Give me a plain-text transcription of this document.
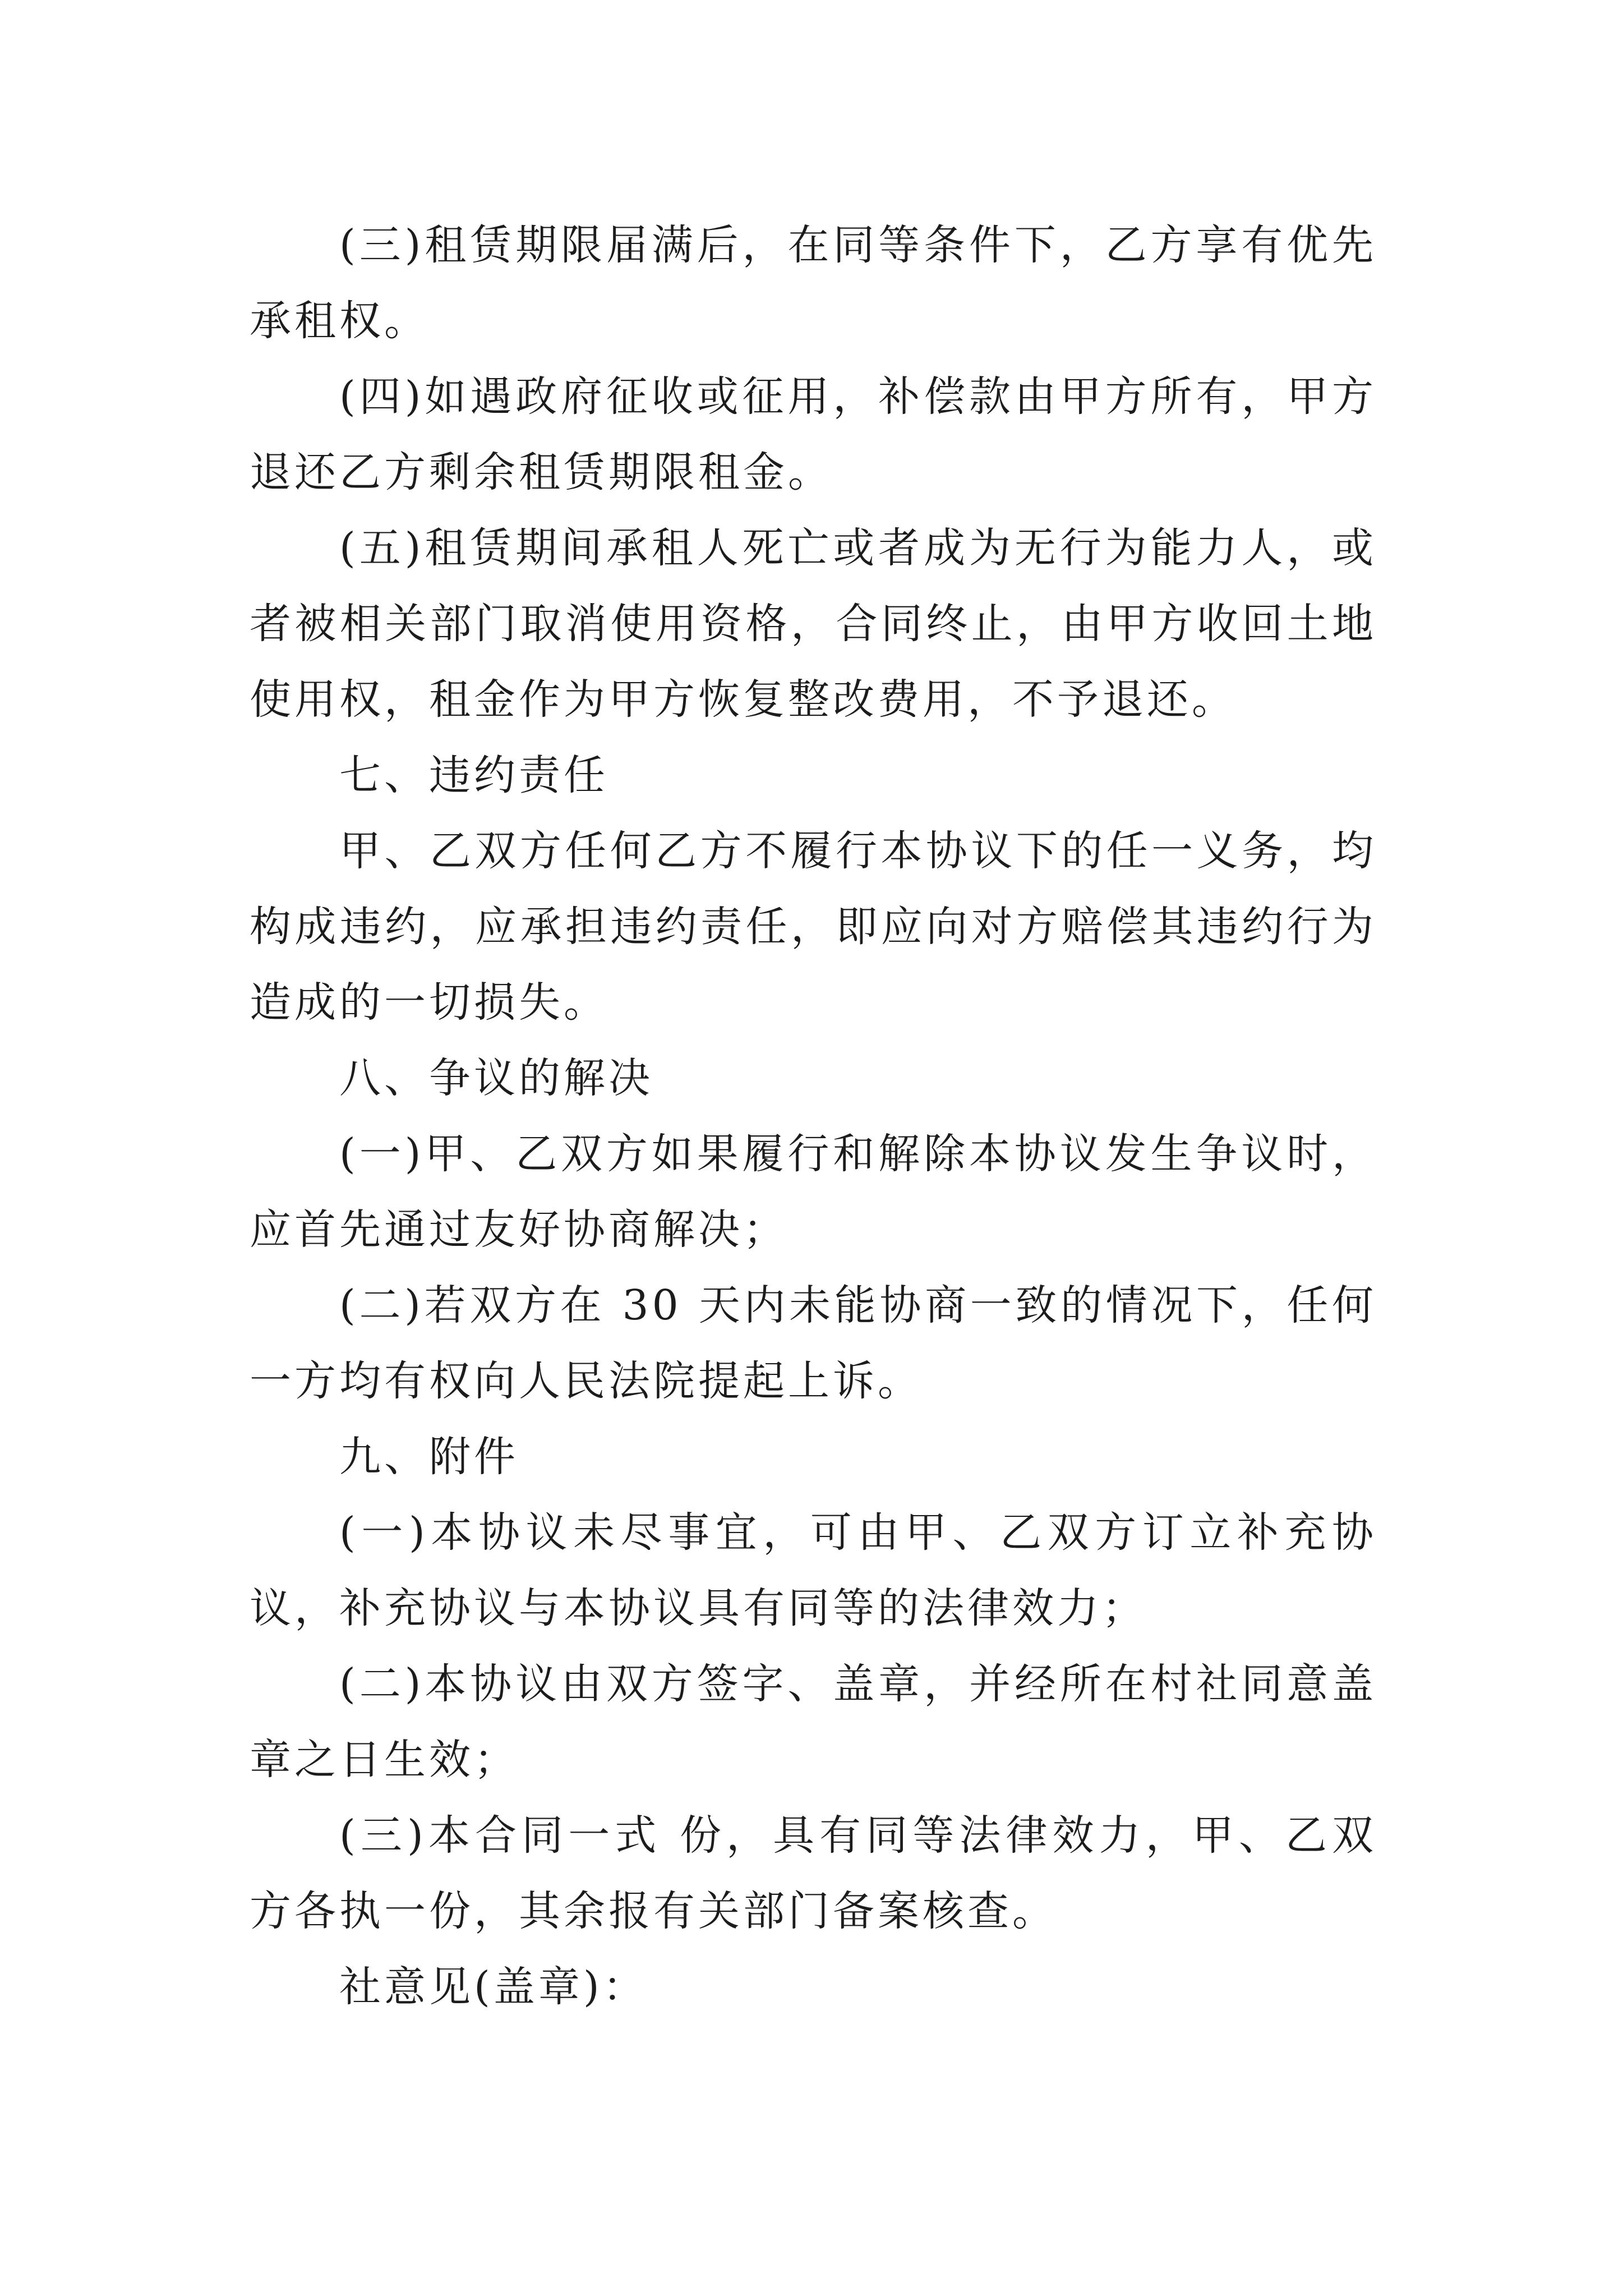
(三)租赁期限届满后，在同等条件下，乙方享有优先承租权。

(四)如遇政府征收或征用，补偿款由甲方所有，甲方退还乙方剩余租赁期限租金。

(五)租赁期间承租人死亡或者成为无行为能力人，或者被相关部门取消使用资格，合同终止，由甲方收回土地使用权，租金作为甲方恢复整改费用，不予退还。

七、违约责任

甲、乙双方任何乙方不履行本协议下的任一义务，均构成违约，应承担违约责任，即应向对方赔偿其违约行为造成的一切损失。

八、争议的解决

(一)甲、乙双方如果履行和解除本协议发生争议时，应首先通过友好协商解决；

(二)若双方在 30 天内未能协商一致的情况下，任何一方均有权向人民法院提起上诉。

九、附件

(一)本协议未尽事宜，可由甲、乙双方订立补充协议，补充协议与本协议具有同等的法律效力；

(二)本协议由双方签字、盖章，并经所在村社同意盖章之日生效；

(三)本合同一式 份，具有同等法律效力，甲、乙双方各执一份，其余报有关部门备案核查。

社意见(盖章)：
